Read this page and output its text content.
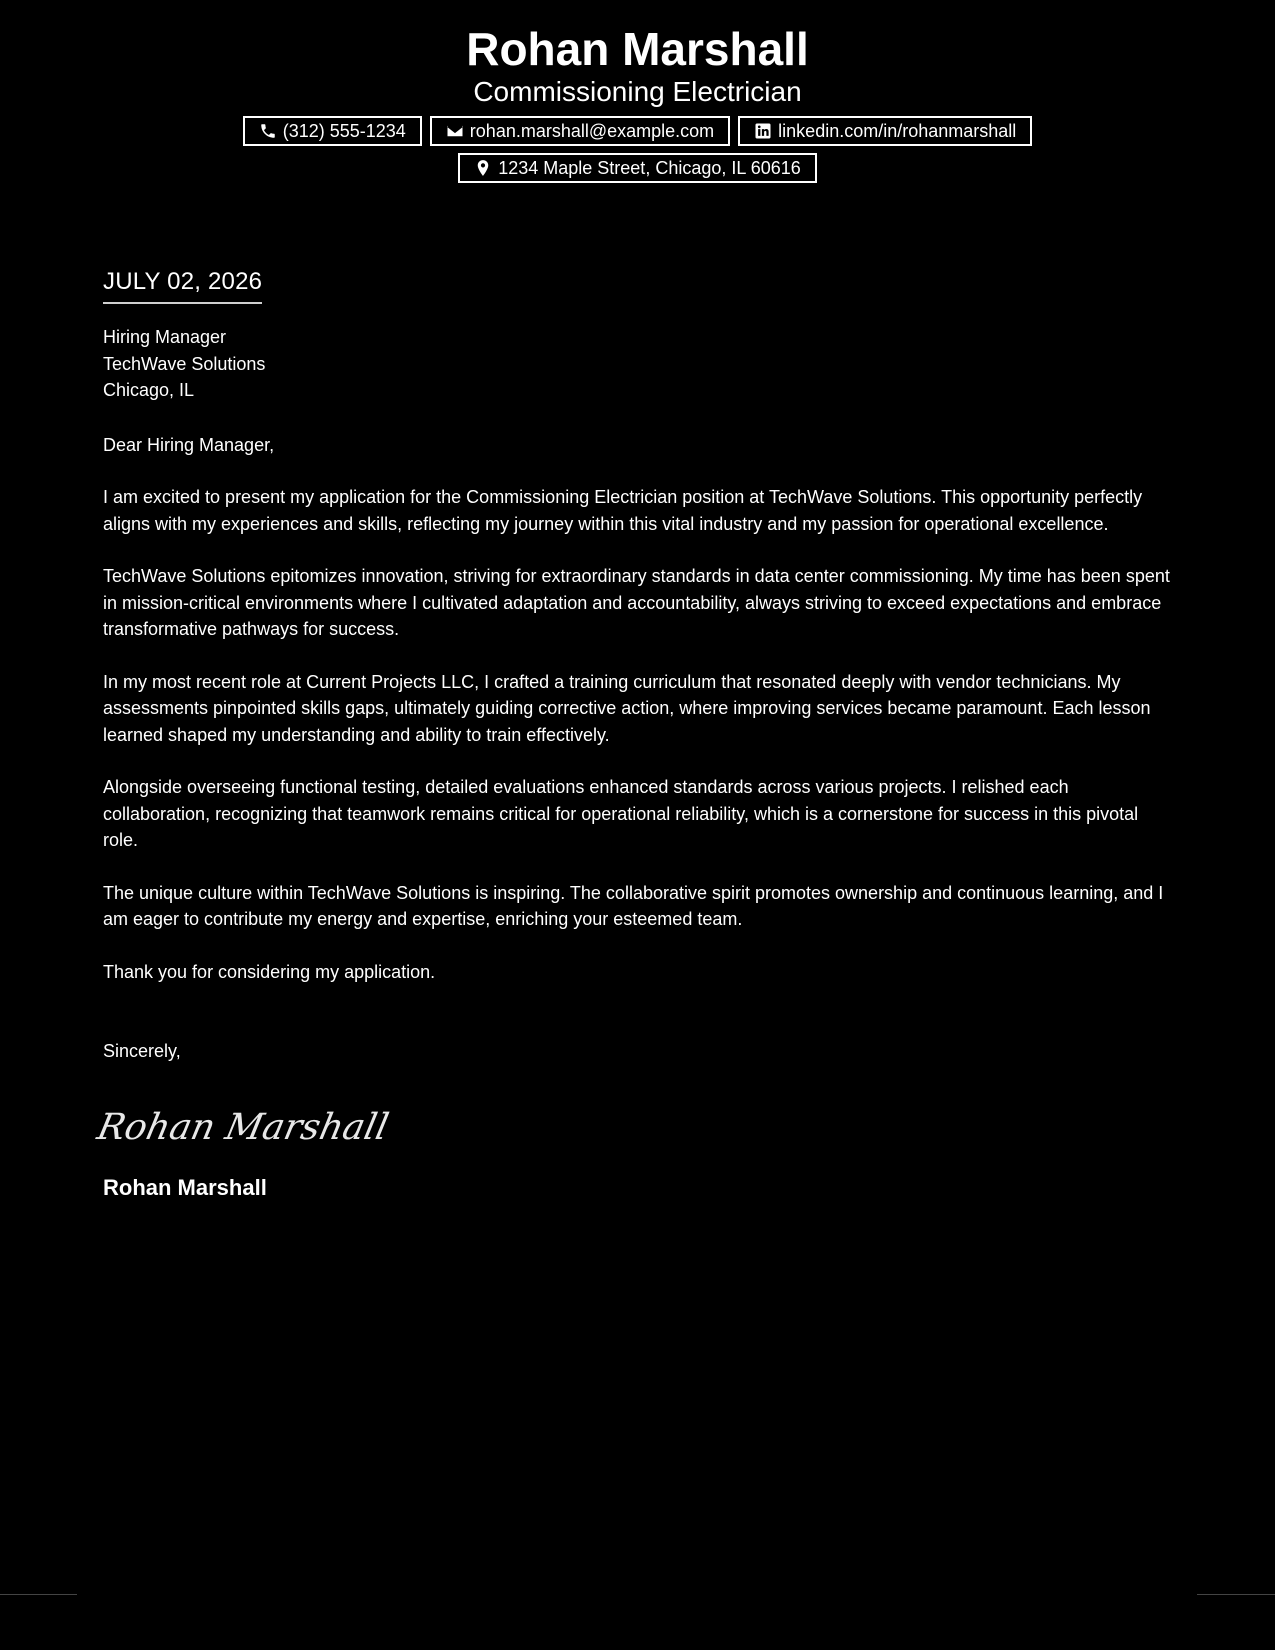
Rohan Marshall
Commissioning Electrician
(312) 555-1234	rohan.marshall@example.com	linkedin.com/in/rohanmarshall
1234 Maple Street, Chicago, IL 60616
JULY 02, 2026
Hiring Manager
TechWave Solutions
Chicago, IL
Dear Hiring Manager,

I am excited to present my application for the Commissioning Electrician position at TechWave Solutions. This opportunity perfectly aligns with my experiences and skills, reflecting my journey within this vital industry and my passion for operational excellence.

TechWave Solutions epitomizes innovation, striving for extraordinary standards in data center commissioning. My time has been spent in mission-critical environments where I cultivated adaptation and accountability, always striving to exceed expectations and embrace transformative pathways for success.

In my most recent role at Current Projects LLC, I crafted a training curriculum that resonated deeply with vendor technicians. My assessments pinpointed skills gaps, ultimately guiding corrective action, where improving services became paramount. Each lesson learned shaped my understanding and ability to train effectively.

Alongside overseeing functional testing, detailed evaluations enhanced standards across various projects. I relished each collaboration, recognizing that teamwork remains critical for operational reliability, which is a cornerstone for success in this pivotal role.

The unique culture within TechWave Solutions is inspiring. The collaborative spirit promotes ownership and continuous learning, and I am eager to contribute my energy and expertise, enriching your esteemed team.

Thank you for considering my application.

Sincerely,
Rohan Marshall
Rohan Marshall
